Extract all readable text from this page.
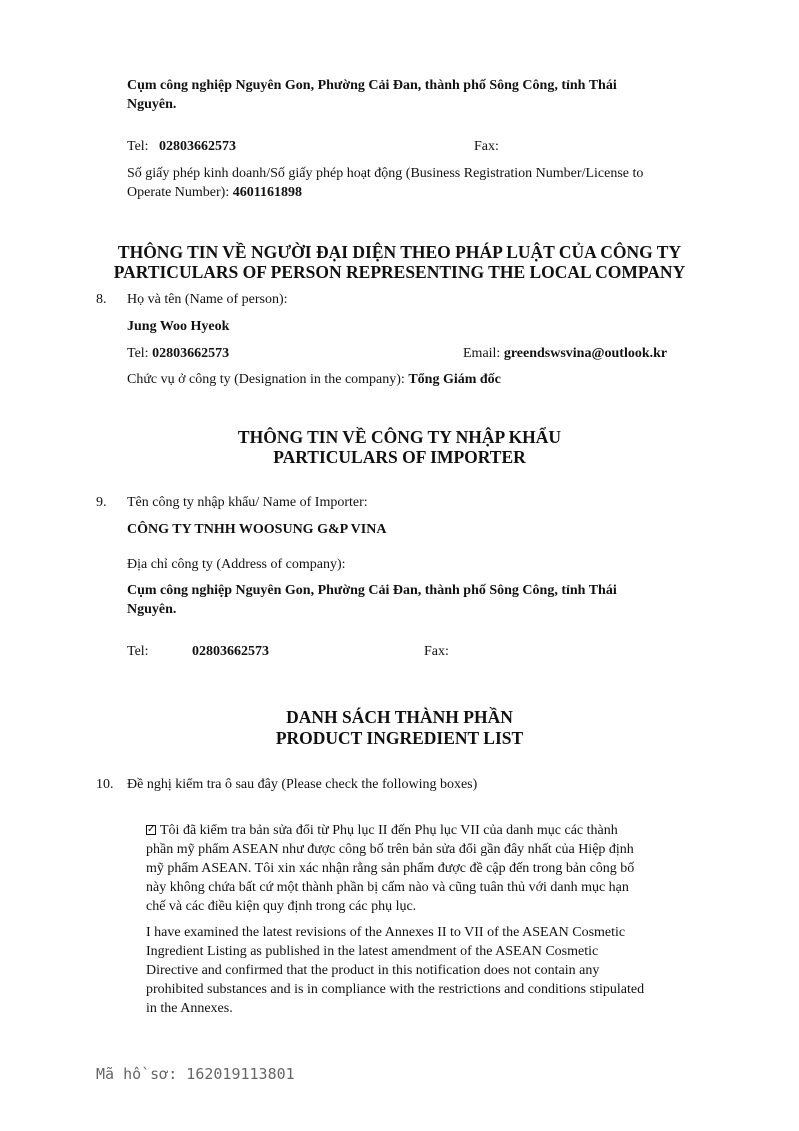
Cụm công nghiệp Nguyên Gon, Phường Cải Đan, thành phố Sông Công, tỉnh Thái
Nguyên.
Tel: 02803662573	Fax:
Số giấy phép kinh doanh/Số giấy phép hoạt động (Business Registration Number/License to
Operate Number): 4601161898
THÔNG TIN VỀ NGƯỜI ĐẠI DIỆN THEO PHÁP LUẬT CỦA CÔNG TY
PARTICULARS OF PERSON REPRESENTING THE LOCAL COMPANY
8. Họ và tên (Name of person):
Jung Woo Hyeok
Tel: 02803662573	Email: greendswsvina@outlook.kr
Chức vụ ở công ty (Designation in the company): Tổng Giám đốc
THÔNG TIN VỀ CÔNG TY NHẬP KHẨU
PARTICULARS OF IMPORTER
9. Tên công ty nhập khẩu/ Name of Importer:
CÔNG TY TNHH WOOSUNG G&P VINA
Địa chỉ công ty (Address of company):
Cụm công nghiệp Nguyên Gon, Phường Cải Đan, thành phố Sông Công, tỉnh Thái
Nguyên.
Tel:	02803662573	Fax:
DANH SÁCH THÀNH PHẦN
PRODUCT INGREDIENT LIST
10. Đề nghị kiểm tra ô sau đây (Please check the following boxes)
✓Tôi đã kiểm tra bản sửa đổi từ Phụ lục II đến Phụ lục VII của danh mục các thành
phần mỹ phẩm ASEAN như được công bố trên bản sửa đổi gần đây nhất của Hiệp định
mỹ phẩm ASEAN. Tôi xin xác nhận rằng sản phẩm được đề cập đến trong bản công bố
này không chứa bất cứ một thành phần bị cấm nào và cũng tuân thủ với danh mục hạn
chế và các điều kiện quy định trong các phụ lục.
I have examined the latest revisions of the Annexes II to VII of the ASEAN Cosmetic
Ingredient Listing as published in the latest amendment of the ASEAN Cosmetic
Directive and confirmed that the product in this notification does not contain any
prohibited substances and is in compliance with the restrictions and conditions stipulated
in the Annexes.
Mã hồ sơ: 162019113801
